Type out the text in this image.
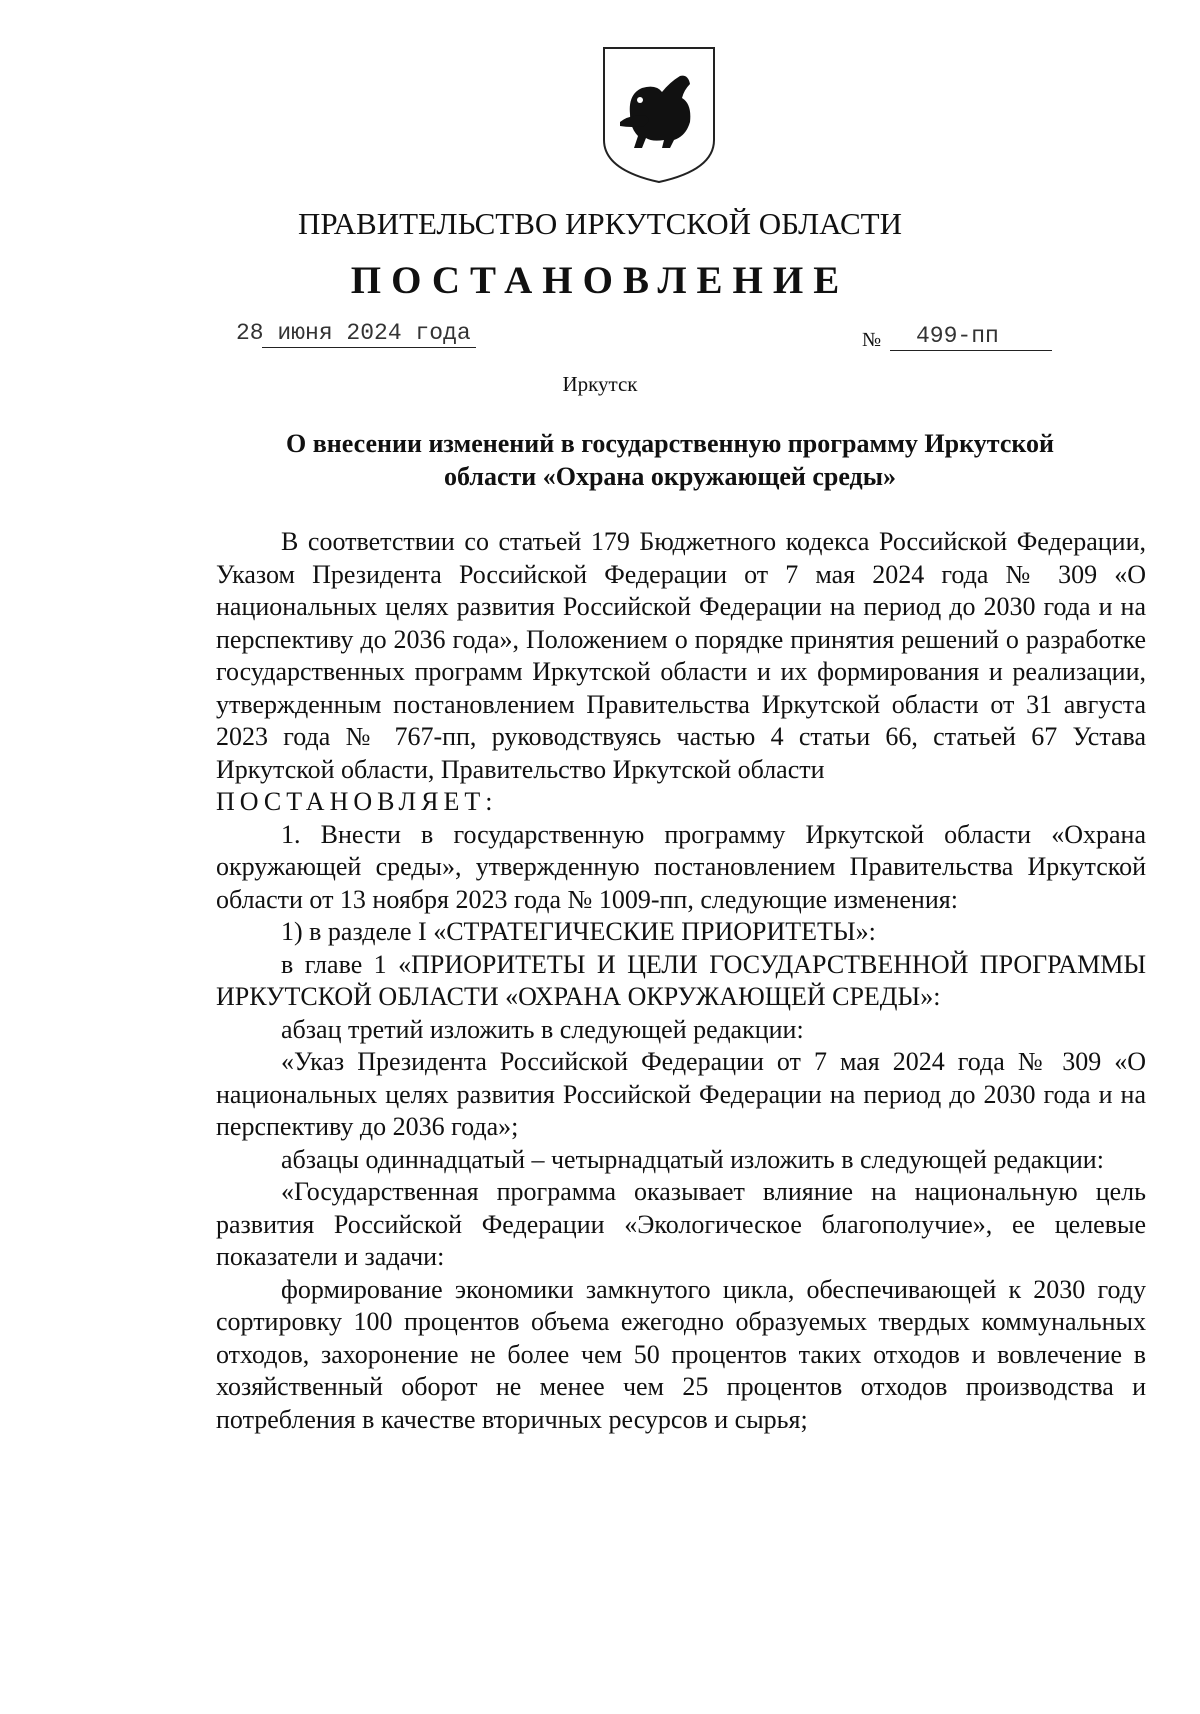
ПРАВИТЕЛЬСТВО ИРКУТСКОЙ ОБЛАСТИ
ПОСТАНОВЛЕНИЕ
28 июня 2024 года	№ 499-пп
Иркутск
О внесении изменений в государственную программу Иркутской
области «Охрана окружающей среды»

В соответствии со статьей 179 Бюджетного кодекса Российской Федерации, Указом Президента Российской Федерации от 7 мая 2024 года № 309 «О национальных целях развития Российской Федерации на период до 2030 года и на перспективу до 2036 года», Положением о порядке принятия решений о разработке государственных программ Иркутской области и их формирования и реализации, утвержденным постановлением Правительства Иркутской области от 31 августа 2023 года № 767-пп, руководствуясь частью 4 статьи 66, статьей 67 Устава Иркутской области, Правительство Иркутской области

ПОСТАНОВЛЯЕТ:

1. Внести в государственную программу Иркутской области «Охрана окружающей среды», утвержденную постановлением Правительства Иркутской области от 13 ноября 2023 года № 1009-пп, следующие изменения:

1) в разделе I «СТРАТЕГИЧЕСКИЕ ПРИОРИТЕТЫ»:

в главе 1 «ПРИОРИТЕТЫ И ЦЕЛИ ГОСУДАРСТВЕННОЙ ПРОГРАММЫ ИРКУТСКОЙ ОБЛАСТИ «ОХРАНА ОКРУЖАЮЩЕЙ СРЕДЫ»:

абзац третий изложить в следующей редакции:

«Указ Президента Российской Федерации от 7 мая 2024 года № 309 «О национальных целях развития Российской Федерации на период до 2030 года и на перспективу до 2036 года»;

абзацы одиннадцатый – четырнадцатый изложить в следующей редакции:

«Государственная программа оказывает влияние на национальную цель развития Российской Федерации «Экологическое благополучие», ее целевые показатели и задачи:

формирование экономики замкнутого цикла, обеспечивающей к 2030 году сортировку 100 процентов объема ежегодно образуемых твердых коммунальных отходов, захоронение не более чем 50 процентов таких отходов и вовлечение в хозяйственный оборот не менее чем 25 процентов отходов производства и потребления в качестве вторичных ресурсов и сырья;
